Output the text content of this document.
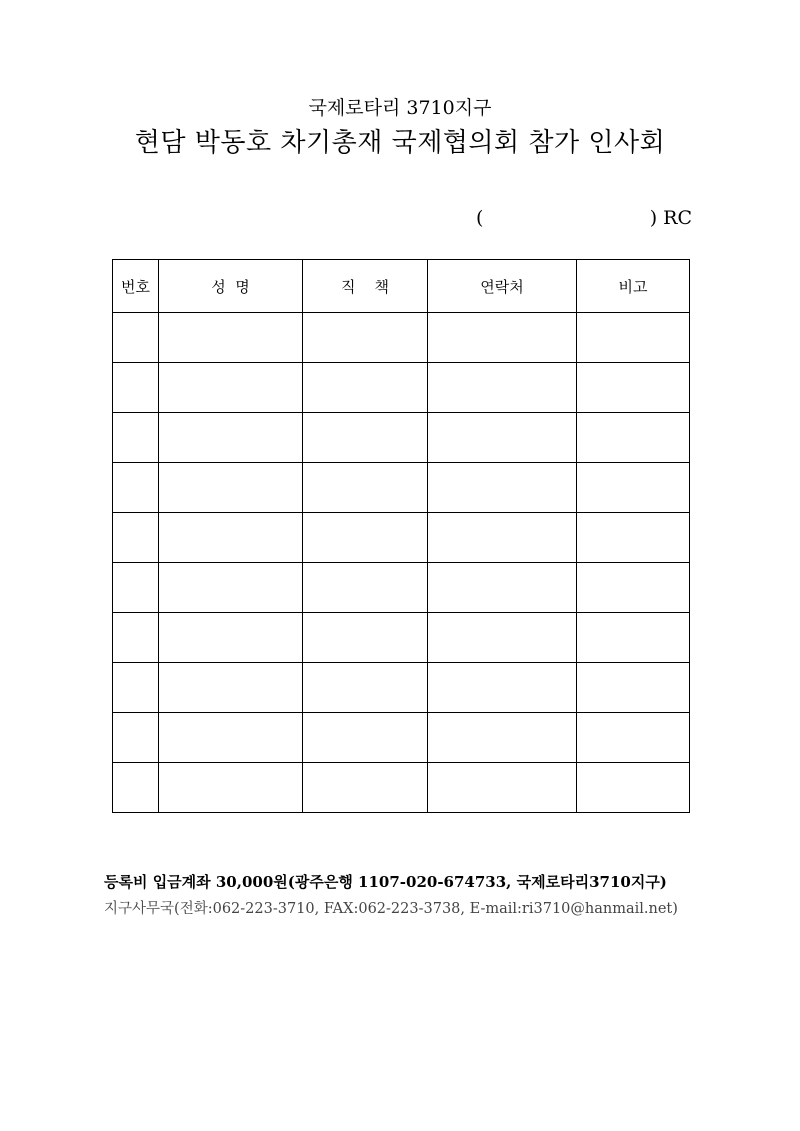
국제로타리 3710지구
현담 박동호 차기총재 국제협의회 참가 인사회
(	) RC
번호	성  명	직    책	연락처	비고

등록비 입금계좌 30,000원(광주은행 1107-020-674733, 국제로타리3710지구)
지구사무국(전화:062-223-3710, FAX:062-223-3738, E-mail:ri3710@hanmail.net)
